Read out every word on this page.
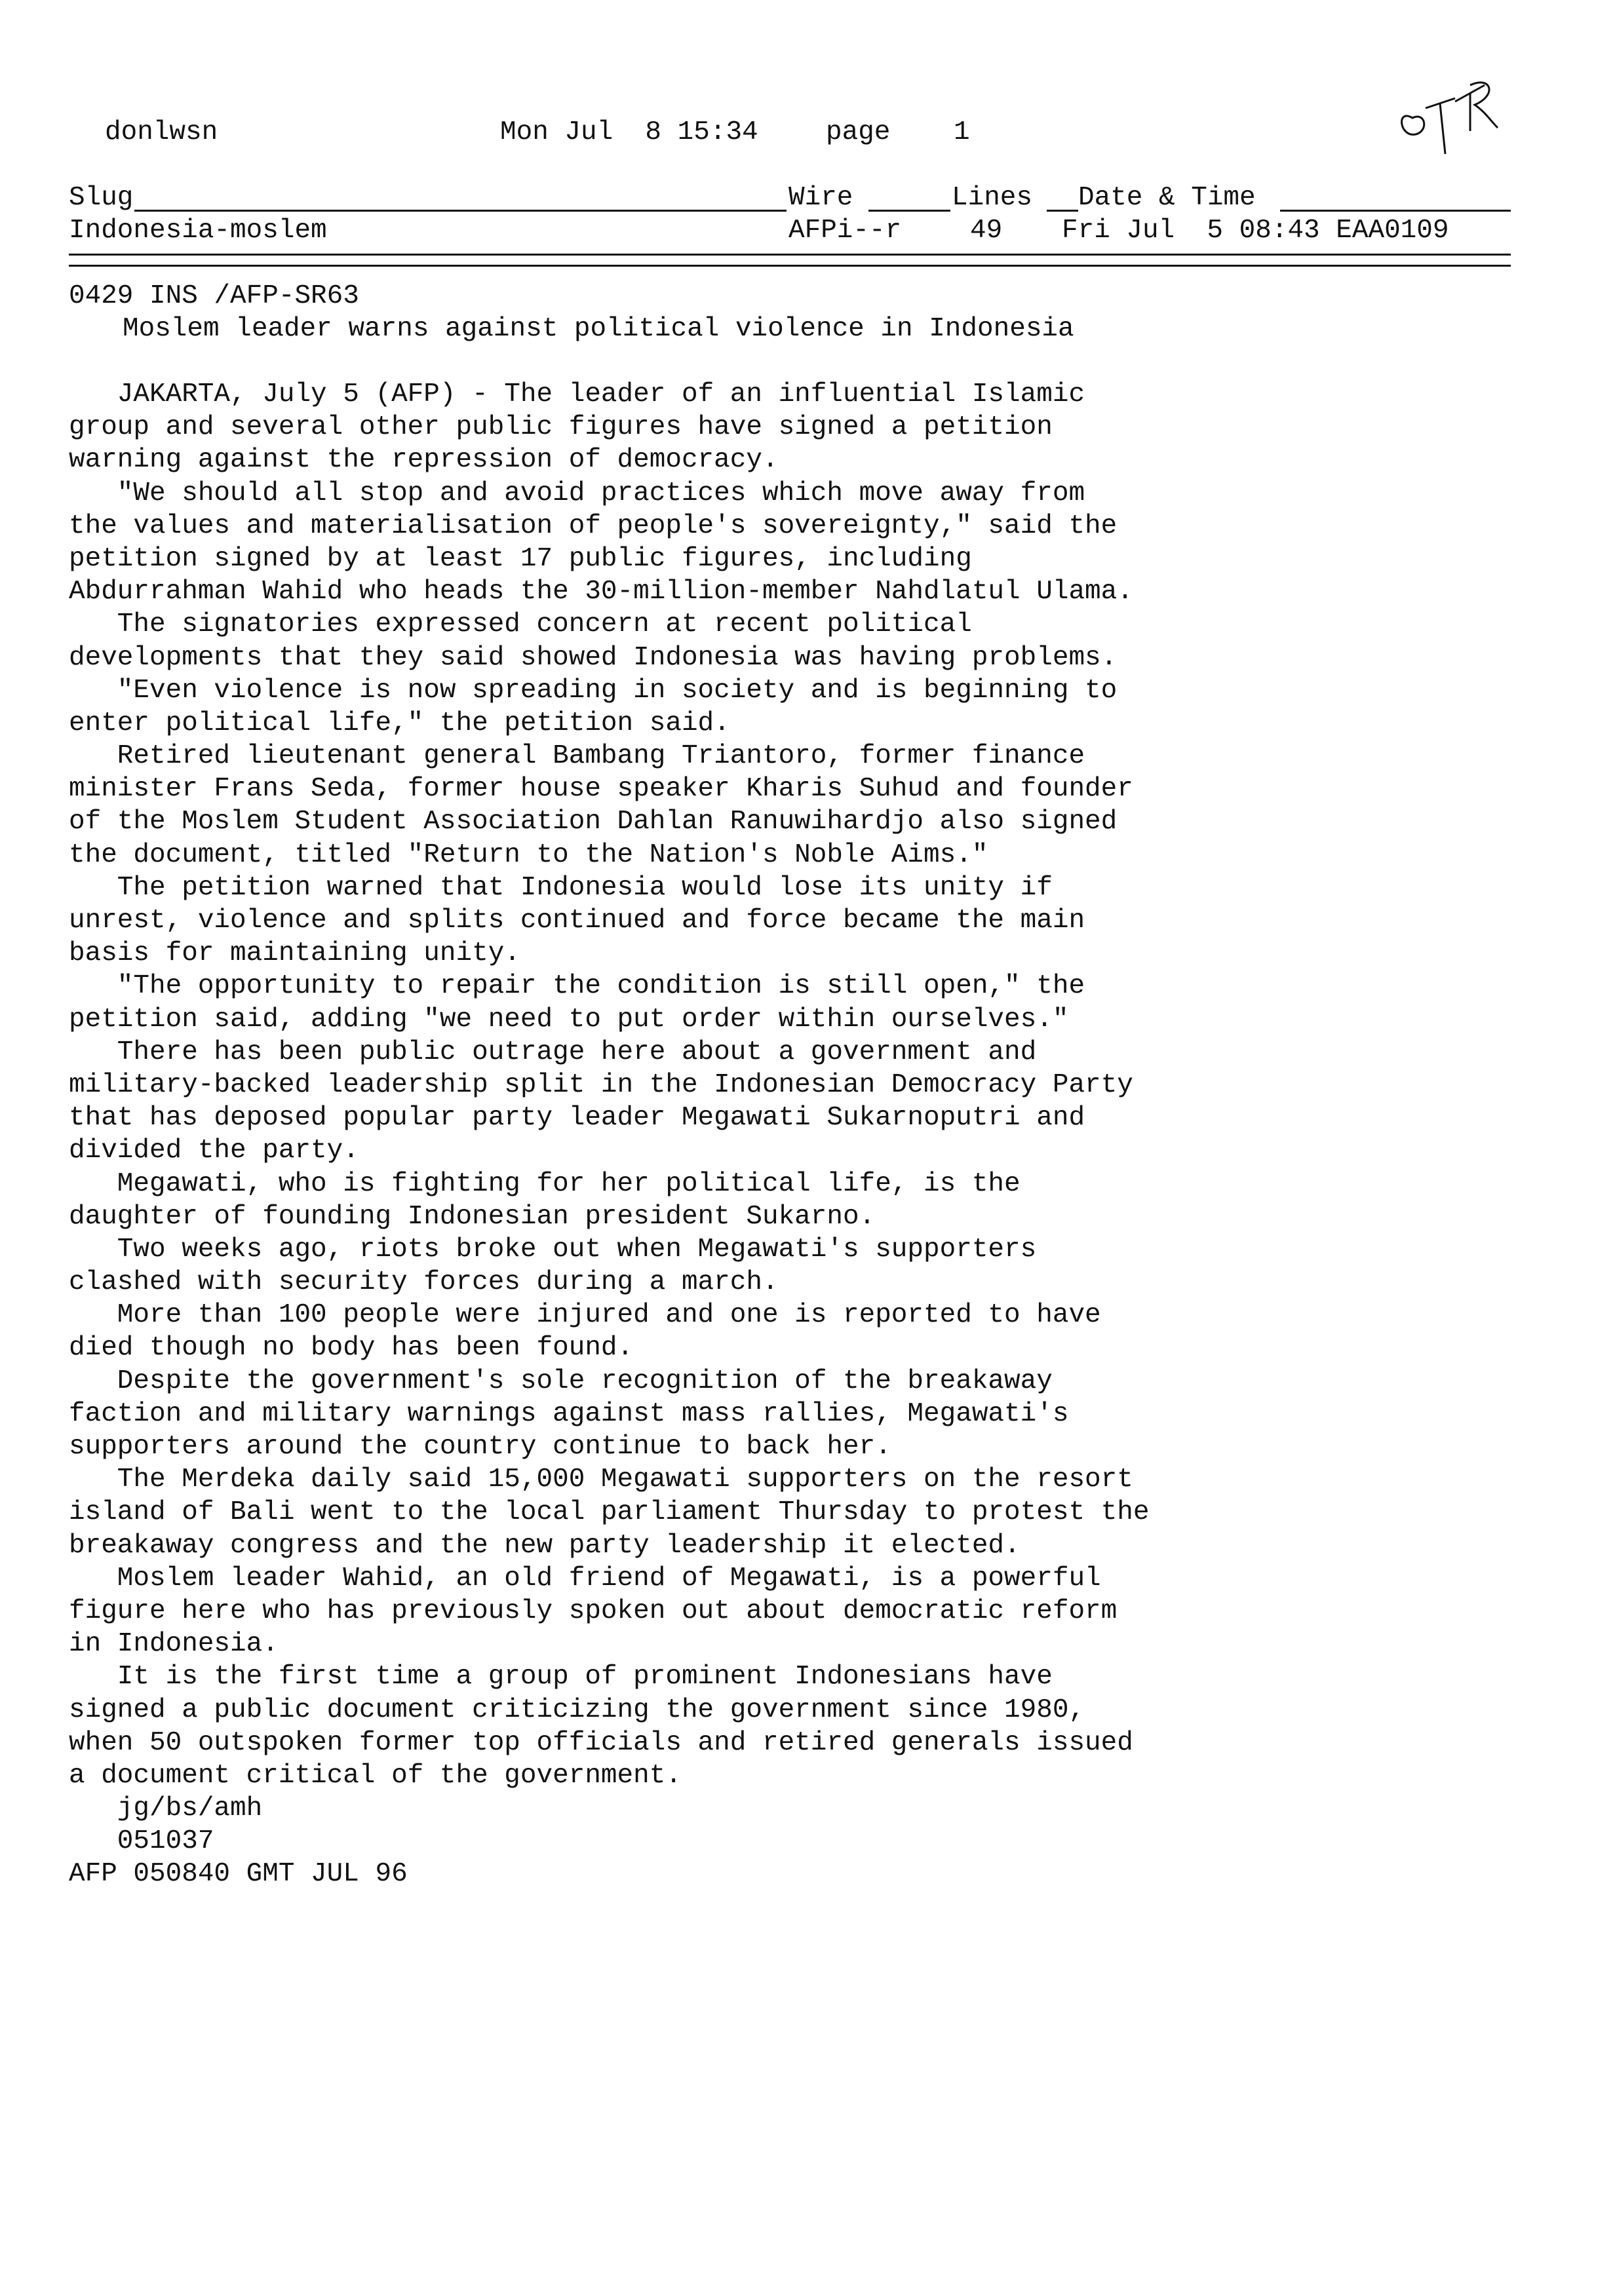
donlwsn	Mon Jul  8 15:34	page 1
Slug	Wire	Lines Date & Time
Indonesia-moslem	AFPi--r	49 Fri Jul  5 08:43 EAA0109
0429 INS /AFP-SR63
Moslem leader warns against political violence in Indonesia
JAKARTA, July 5 (AFP) - The leader of an influential Islamic
group and several other public figures have signed a petition
warning against the repression of democracy.
"We should all stop and avoid practices which move away from
the values and materialisation of people's sovereignty," said the
petition signed by at least 17 public figures, including
Abdurrahman Wahid who heads the 30-million-member Nahdlatul Ulama.
The signatories expressed concern at recent political
developments that they said showed Indonesia was having problems.
"Even violence is now spreading in society and is beginning to
enter political life," the petition said.
Retired lieutenant general Bambang Triantoro, former finance
minister Frans Seda, former house speaker Kharis Suhud and founder
of the Moslem Student Association Dahlan Ranuwihardjo also signed
the document, titled "Return to the Nation's Noble Aims."
The petition warned that Indonesia would lose its unity if
unrest, violence and splits continued and force became the main
basis for maintaining unity.
"The opportunity to repair the condition is still open," the
petition said, adding "we need to put order within ourselves."
There has been public outrage here about a government and
military-backed leadership split in the Indonesian Democracy Party
that has deposed popular party leader Megawati Sukarnoputri and
divided the party.
Megawati, who is fighting for her political life, is the
daughter of founding Indonesian president Sukarno.
Two weeks ago, riots broke out when Megawati's supporters
clashed with security forces during a march.
More than 100 people were injured and one is reported to have
died though no body has been found.
Despite the government's sole recognition of the breakaway
faction and military warnings against mass rallies, Megawati's
supporters around the country continue to back her.
The Merdeka daily said 15,000 Megawati supporters on the resort
island of Bali went to the local parliament Thursday to protest the
breakaway congress and the new party leadership it elected.
Moslem leader Wahid, an old friend of Megawati, is a powerful
figure here who has previously spoken out about democratic reform
in Indonesia.
It is the first time a group of prominent Indonesians have
signed a public document criticizing the government since 1980,
when 50 outspoken former top officials and retired generals issued
a document critical of the government.
jg/bs/amh
051037
AFP 050840 GMT JUL 96
